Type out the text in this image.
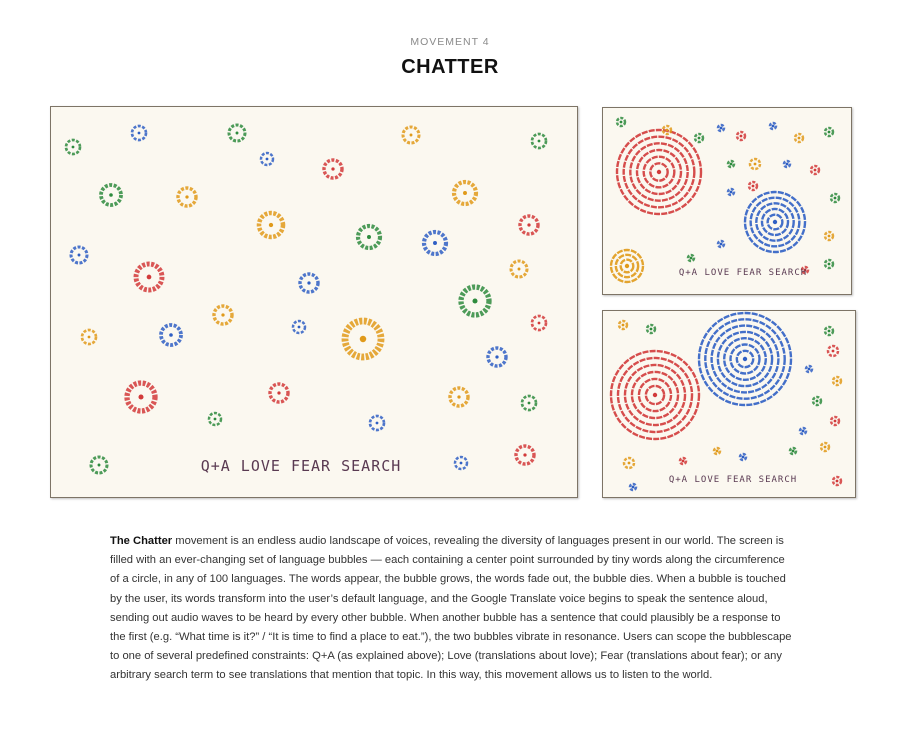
MOVEMENT 4
CHATTER
Q+A LOVE FEAR SEARCH
Q+A LOVE FEAR SEARCH
Q+A LOVE FEAR SEARCH
The Chatter movement is an endless audio landscape of voices, revealing the diversity of languages present in our world. The screen is filled with an ever-changing set of language bubbles — each containing a center point surrounded by tiny words along the circumference of a circle, in any of 100 languages. The words appear, the bubble grows, the words fade out, the bubble dies. When a bubble is touched by the user, its words transform into the user’s default language, and the Google Translate voice begins to speak the sentence aloud, sending out audio waves to be heard by every other bubble. When another bubble has a sentence that could plausibly be a response to the first (e.g. “What time is it?” / “It is time to find a place to eat.”), the two bubbles vibrate in resonance. Users can scope the bubblescape to one of several predefined constraints: Q+A (as explained above); Love (translations about love); Fear (translations about fear); or any arbitrary search term to see translations that mention that topic. In this way, this movement allows us to listen to the world.
